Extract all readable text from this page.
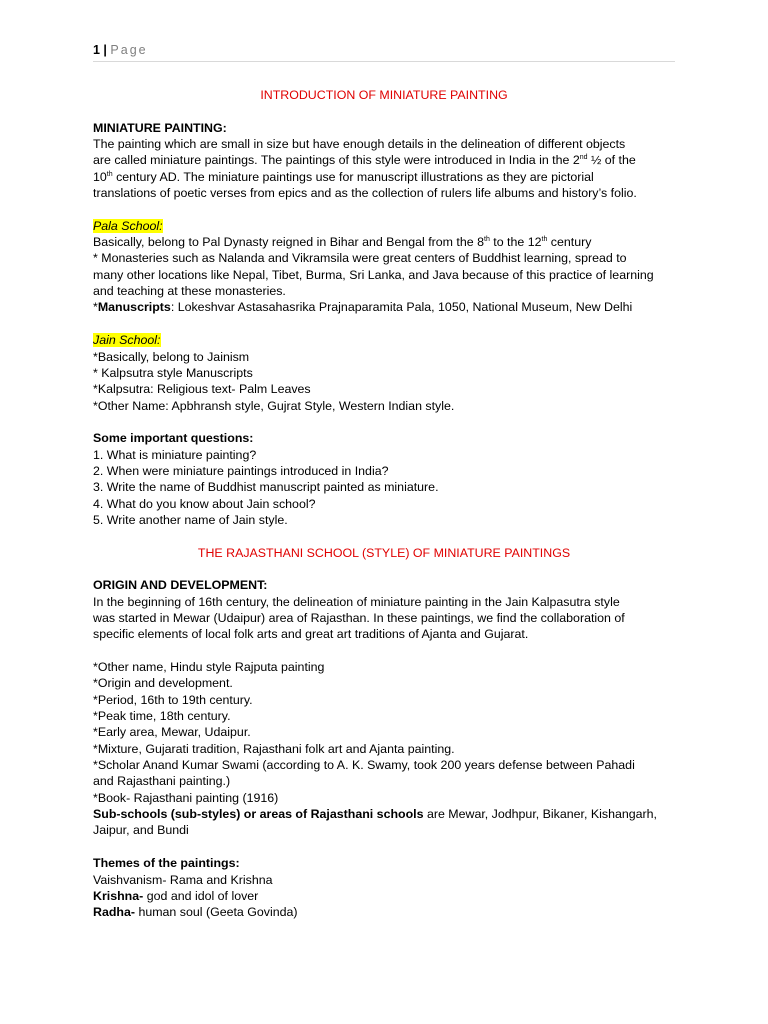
1 | Page
INTRODUCTION OF MINIATURE PAINTING
MINIATURE PAINTING:
The painting which are small in size but have enough details in the delineation of different objects
are called miniature paintings. The paintings of this style were introduced in India in the 2nd ½ of the
10th century AD. The miniature paintings use for manuscript illustrations as they are pictorial
translations of poetic verses from epics and as the collection of rulers life albums and history’s folio.
Pala School:
Basically, belong to Pal Dynasty reigned in Bihar and Bengal from the 8th to the 12th century
* Monasteries such as Nalanda and Vikramsila were great centers of Buddhist learning, spread to
many other locations like Nepal, Tibet, Burma, Sri Lanka, and Java because of this practice of learning
and teaching at these monasteries.
*Manuscripts: Lokeshvar Astasahasrika Prajnaparamita Pala, 1050, National Museum, New Delhi
Jain School:
*Basically, belong to Jainism
* Kalpsutra style Manuscripts
*Kalpsutra: Religious text- Palm Leaves
*Other Name: Apbhransh style, Gujrat Style, Western Indian style.
Some important questions:
1. What is miniature painting?
2. When were miniature paintings introduced in India?
3. Write the name of Buddhist manuscript painted as miniature.
4. What do you know about Jain school?
5. Write another name of Jain style.
THE RAJASTHANI SCHOOL (STYLE) OF MINIATURE PAINTINGS
ORIGIN AND DEVELOPMENT:
In the beginning of 16th century, the delineation of miniature painting in the Jain Kalpasutra style
was started in Mewar (Udaipur) area of Rajasthan. In these paintings, we find the collaboration of
specific elements of local folk arts and great art traditions of Ajanta and Gujarat.
*Other name, Hindu style Rajputa painting
*Origin and development.
*Period, 16th to 19th century.
*Peak time, 18th century.
*Early area, Mewar, Udaipur.
*Mixture, Gujarati tradition, Rajasthani folk art and Ajanta painting.
*Scholar Anand Kumar Swami (according to A. K. Swamy, took 200 years defense between Pahadi
and Rajasthani painting.)
*Book- Rajasthani painting (1916)
Sub-schools (sub-styles) or areas of Rajasthani schools are Mewar, Jodhpur, Bikaner, Kishangarh,
Jaipur, and Bundi
Themes of the paintings:
Vaishvanism- Rama and Krishna
Krishna- god and idol of lover
Radha- human soul (Geeta Govinda)
